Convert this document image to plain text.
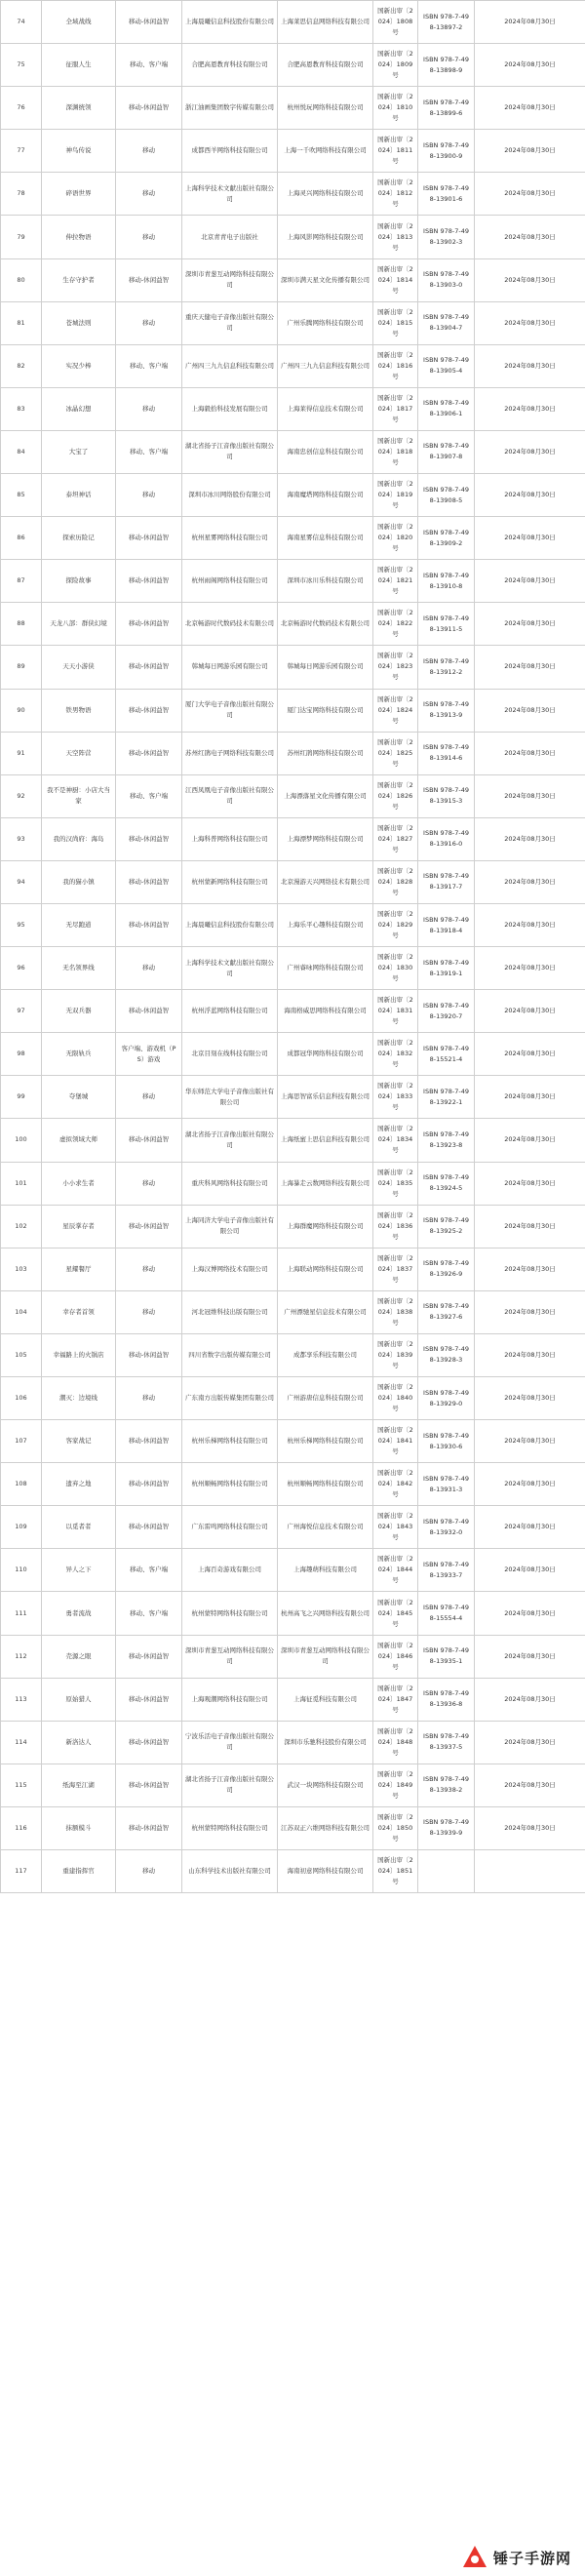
74	全域战线	移动-休闲益智	上海晨曦信息科技股份有限公司	上海莱思信息网络科技有限公司	国新出审〔2024〕1808号	ISBN 978-7-498-13897-2	2024年08月30日
75	征服人生	移动、客户端	合肥高恩教育科技有限公司	合肥高恩教育科技有限公司	国新出审〔2024〕1809号	ISBN 978-7-498-13898-9	2024年08月30日
76	深渊统领	移动-休闲益智	浙江油画集团数字传媒有限公司	杭州悦玩网络科技有限公司	国新出审〔2024〕1810号	ISBN 978-7-498-13899-6	2024年08月30日
77	神鸟传说	移动	成都西羊网络科技有限公司	上海一千吹网络科技有限公司	国新出审〔2024〕1811号	ISBN 978-7-498-13900-9	2024年08月30日
78	碎语世界	移动	上海科学技术文献出版社有限公司	上海灵兴网络科技有限公司	国新出审〔2024〕1812号	ISBN 978-7-498-13901-6	2024年08月30日
79	伸拉物语	移动	北京青青电子出版社	上海风影网络科技有限公司	国新出审〔2024〕1813号	ISBN 978-7-498-13902-3	2024年08月30日
80	生存守护者	移动-休闲益智	深圳市青葱互动网络科技有限公司	深圳市满天星文化传播有限公司	国新出审〔2024〕1814号	ISBN 978-7-498-13903-0	2024年08月30日
81	苍城法则	移动	重庆天健电子音像出版社有限公司	广州乐腾网络科技有限公司	国新出审〔2024〕1815号	ISBN 978-7-498-13904-7	2024年08月30日
82	实况少棒	移动、客户端	广州四三九九信息科技有限公司	广州四三九九信息科技有限公司	国新出审〔2024〕1816号	ISBN 978-7-498-13905-4	2024年08月30日
83	冰晶幻想	移动	上海毅拾科技发展有限公司	上海莱得信息技术有限公司	国新出审〔2024〕1817号	ISBN 978-7-498-13906-1	2024年08月30日
84	大宝了	移动、客户端	湖北省扬子江音像出版社有限公司	海南忠创信息科技有限公司	国新出审〔2024〕1818号	ISBN 978-7-498-13907-8	2024年08月30日
85	泰坦神话	移动	深圳市冰川网络股份有限公司	海南魔塔网络科技有限公司	国新出审〔2024〕1819号	ISBN 978-7-498-13908-5	2024年08月30日
86	探索历险记	移动-休闲益智	杭州星雾网络科技有限公司	海南星雾信息科技有限公司	国新出审〔2024〕1820号	ISBN 978-7-498-13909-2	2024年08月30日
87	探险故事	移动-休闲益智	杭州雨阁网络科技有限公司	深圳市冰川乐科技有限公司	国新出审〔2024〕1821号	ISBN 978-7-498-13910-8	2024年08月30日
88	天龙八部：群侠幻境	移动-休闲益智	北京畅游时代数码技术有限公司	北京畅游时代数码技术有限公司	国新出审〔2024〕1822号	ISBN 978-7-498-13911-5	2024年08月30日
89	天天小游侠	移动-休闲益智	韩城每日网游乐园有限公司	韩城每日网游乐园有限公司	国新出审〔2024〕1823号	ISBN 978-7-498-13912-2	2024年08月30日
90	铁男物语	移动-休闲益智	厦门大学电子音像出版社有限公司	厦门达宝网络科技有限公司	国新出审〔2024〕1824号	ISBN 978-7-498-13913-9	2024年08月30日
91	天空阵营	移动-休闲益智	苏州红鹃电子网络科技有限公司	苏州红鹃网络科技有限公司	国新出审〔2024〕1825号	ISBN 978-7-498-13914-6	2024年08月30日
92	我不是神厨：小店大当家	移动、客户端	江西凤凰电子音像出版社有限公司	上海漂落星文化传播有限公司	国新出审〔2024〕1826号	ISBN 978-7-498-13915-3	2024年08月30日
93	我的汉尚府：海岛	移动-休闲益智	上海科普网络科技有限公司	上海漂梦网络科技有限公司	国新出审〔2024〕1827号	ISBN 978-7-498-13916-0	2024年08月30日
94	我的猫小镇	移动-休闲益智	杭州蒙新网络科技有限公司	北京漫游天兴网络技术有限公司	国新出审〔2024〕1828号	ISBN 978-7-498-13917-7	2024年08月30日
95	无尽跑道	移动-休闲益智	上海晨曦信息科技股份有限公司	上海乐平心趣科技有限公司	国新出审〔2024〕1829号	ISBN 978-7-498-13918-4	2024年08月30日
96	无名领界线	移动	上海科学技术文献出版社有限公司	广州睿咏网络科技有限公司	国新出审〔2024〕1830号	ISBN 978-7-498-13919-1	2024年08月30日
97	无双兵器	移动-休闲益智	杭州浮蓝网络科技有限公司	海南格威思网络科技有限公司	国新出审〔2024〕1831号	ISBN 978-7-498-13920-7	2024年08月30日
98	无限轨兵	客户端、游戏机（PS）游戏	北京目刻在线科技有限公司	成都冠华网络科技有限公司	国新出审〔2024〕1832号	ISBN 978-7-498-15521-4	2024年08月30日
99	夺堡城	移动	华东师范大学电子音像出版社有限公司	上海思智富乐信息科技有限公司	国新出审〔2024〕1833号	ISBN 978-7-498-13922-1	2024年08月30日
100	虚拟领域大师	移动-休闲益智	湖北省扬子江音像出版社有限公司	上海纸蜜上思信息科技有限公司	国新出审〔2024〕1834号	ISBN 978-7-498-13923-8	2024年08月30日
101	小小求生者	移动	重庆科风网络科技有限公司	上海暴走云数网络科技有限公司	国新出审〔2024〕1835号	ISBN 978-7-498-13924-5	2024年08月30日
102	星辰掌存者	移动-休闲益智	上海同济大学电子音像出版社有限公司	上海群魔网络科技有限公司	国新出审〔2024〕1836号	ISBN 978-7-498-13925-2	2024年08月30日
103	星耀餐厅	移动	上海汉博网络技术有限公司	上海联动网络科技有限公司	国新出审〔2024〕1837号	ISBN 978-7-498-13926-9	2024年08月30日
104	幸存者首领	移动	河北冠维科技出版有限公司	广州漂驰星信息技术有限公司	国新出审〔2024〕1838号	ISBN 978-7-498-13927-6	2024年08月30日
105	幸福路上的火锅店	移动-休闲益智	四川省数字出版传媒有限公司	成都享乐科技有限公司	国新出审〔2024〕1839号	ISBN 978-7-498-13928-3	2024年08月30日
106	潮灭：边境线	移动	广东南方出版传媒集团有限公司	广州游唐信息科技有限公司	国新出审〔2024〕1840号	ISBN 978-7-498-13929-0	2024年08月30日
107	客家战记	移动-休闲益智	杭州乐梯网络科技有限公司	杭州乐梯网络科技有限公司	国新出审〔2024〕1841号	ISBN 978-7-498-13930-6	2024年08月30日
108	遗弃之地	移动-休闲益智	杭州顺畅网络科技有限公司	杭州顺畅网络科技有限公司	国新出审〔2024〕1842号	ISBN 978-7-498-13931-3	2024年08月30日
109	以觅者者	移动-休闲益智	广东雷鸣网络科技有限公司	广州海悦信息技术有限公司	国新出审〔2024〕1843号	ISBN 978-7-498-13932-0	2024年08月30日
110	异人之下	移动、客户端	上海百奇游戏有限公司	上海趣萌科技有限公司	国新出审〔2024〕1844号	ISBN 978-7-498-13933-7	2024年08月30日
111	勇者流战	移动、客户端	杭州蒙特网络科技有限公司	杭州高飞之兴网络科技有限公司	国新出审〔2024〕1845号	ISBN 978-7-498-15554-4	2024年08月30日
112	壳源之眼	移动-休闲益智	深圳市青葱互动网络科技有限公司	深圳市青葱互动网络科技有限公司	国新出审〔2024〕1846号	ISBN 978-7-498-13935-1	2024年08月30日
113	原始猎人	移动-休闲益智	上海观潮网络科技有限公司	上海征觅科技有限公司	国新出审〔2024〕1847号	ISBN 978-7-498-13936-8	2024年08月30日
114	新洛达人	移动-休闲益智	宁波乐活电子音像出版社有限公司	深圳市乐驰科技股份有限公司	国新出审〔2024〕1848号	ISBN 978-7-498-13937-5	2024年08月30日
115	纸海至江湖	移动-休闲益智	湖北省扬子江音像出版社有限公司	武汉一块网络科技有限公司	国新出审〔2024〕1849号	ISBN 978-7-498-13938-2	2024年08月30日
116	抹额模斗	移动-休闲益智	杭州蒙特网络科技有限公司	江苏双正六维网络科技有限公司	国新出审〔2024〕1850号	ISBN 978-7-498-13939-9	2024年08月30日
117	重建指挥官	移动	山东科学技术出版社有限公司	海南初意网络科技有限公司	国新出审〔2024〕1851号		
锤子手游网
